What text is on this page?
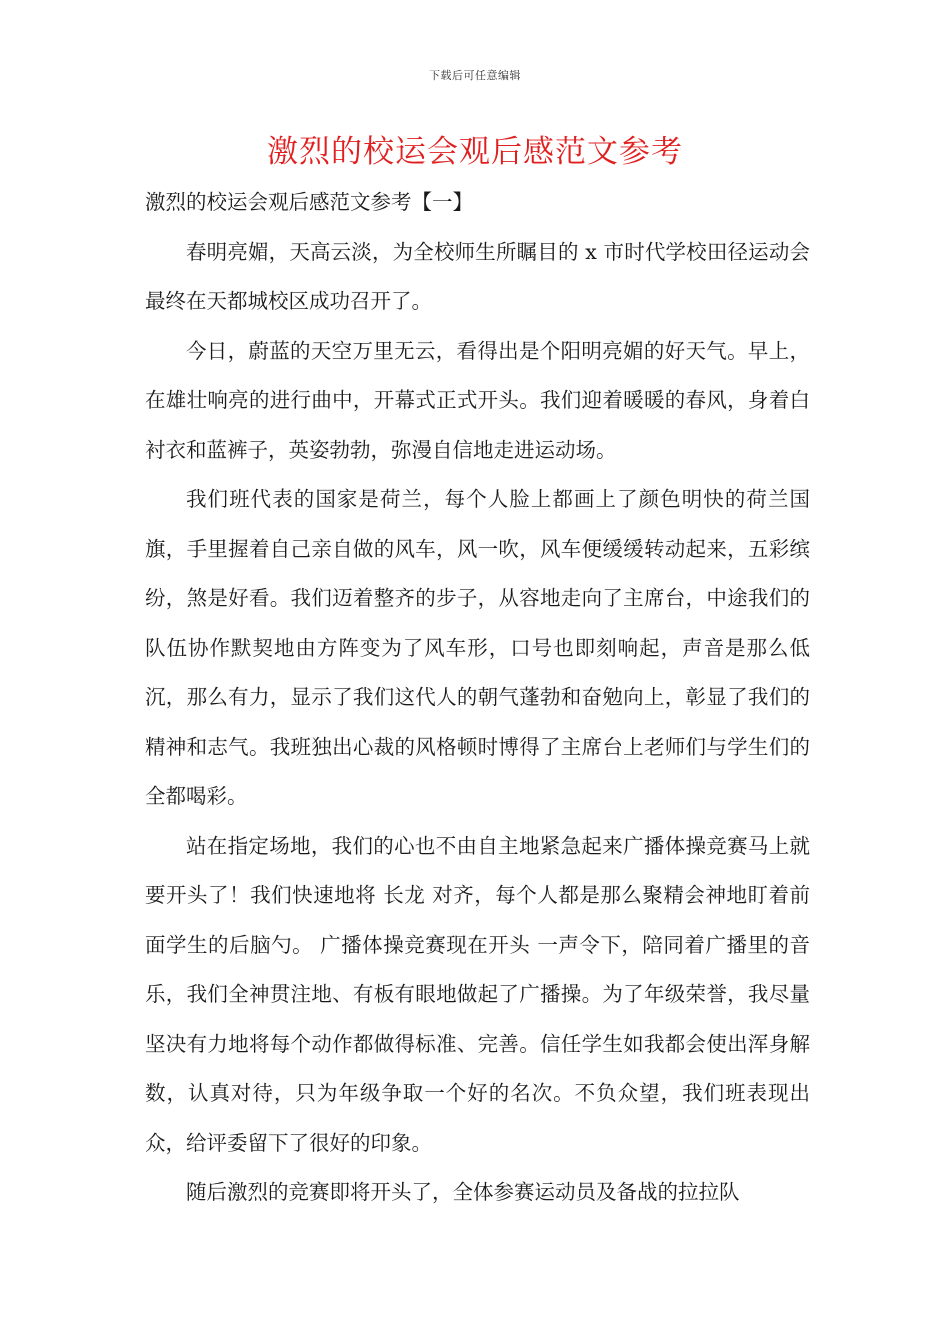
下载后可任意编辑
激烈的校运会观后感范文参考

激烈的校运会观后感范文参考【一】

春明亮媚，天高云淡，为全校师生所瞩目的 x 市时代学校田径运动会 最终在天都城校区成功召开了。

今日，蔚蓝的天空万里无云，看得出是个阳明亮媚的好天气。早上，在雄壮响亮的进行曲中，开幕式正式开头。我们迎着暖暖的春风，身着白衬衣和蓝裤子，英姿勃勃，弥漫自信地走进运动场。

我们班代表的国家是荷兰，每个人脸上都画上了颜色明快的荷兰国旗，手里握着自己亲自做的风车，风一吹，风车便缓缓转动起来，五彩缤纷，煞是好看。我们迈着整齐的步子，从容地走向了主席台，中途我们的队伍协作默契地由方阵变为了风车形，口号也即刻响起，声音是那么低沉，那么有力，显示了我们这代人的朝气蓬勃和奋勉向上，彰显了我们的精神和志气。我班独出心裁的风格顿时博得了主席台上老师们与学生们的全都喝彩。

站在指定场地，我们的心也不由自主地紧急起来广播体操竞赛马上就要开头了！我们快速地将 长龙 对齐，每个人都是那么聚精会神地盯着前面学生的后脑勺。 广播体操竞赛现在开头 一声令下，陪同着广播里的音乐，我们全神贯注地、有板有眼地做起了广播操。为了年级荣誉，我尽量坚决有力地将每个动作都做得标准、完善。信任学生如我都会使出浑身解数，认真对待，只为年级争取一个好的名次。不负众望，我们班表现出众，给评委留下了很好的印象。

随后激烈的竞赛即将开头了，全体参赛运动员及备战的拉拉队
